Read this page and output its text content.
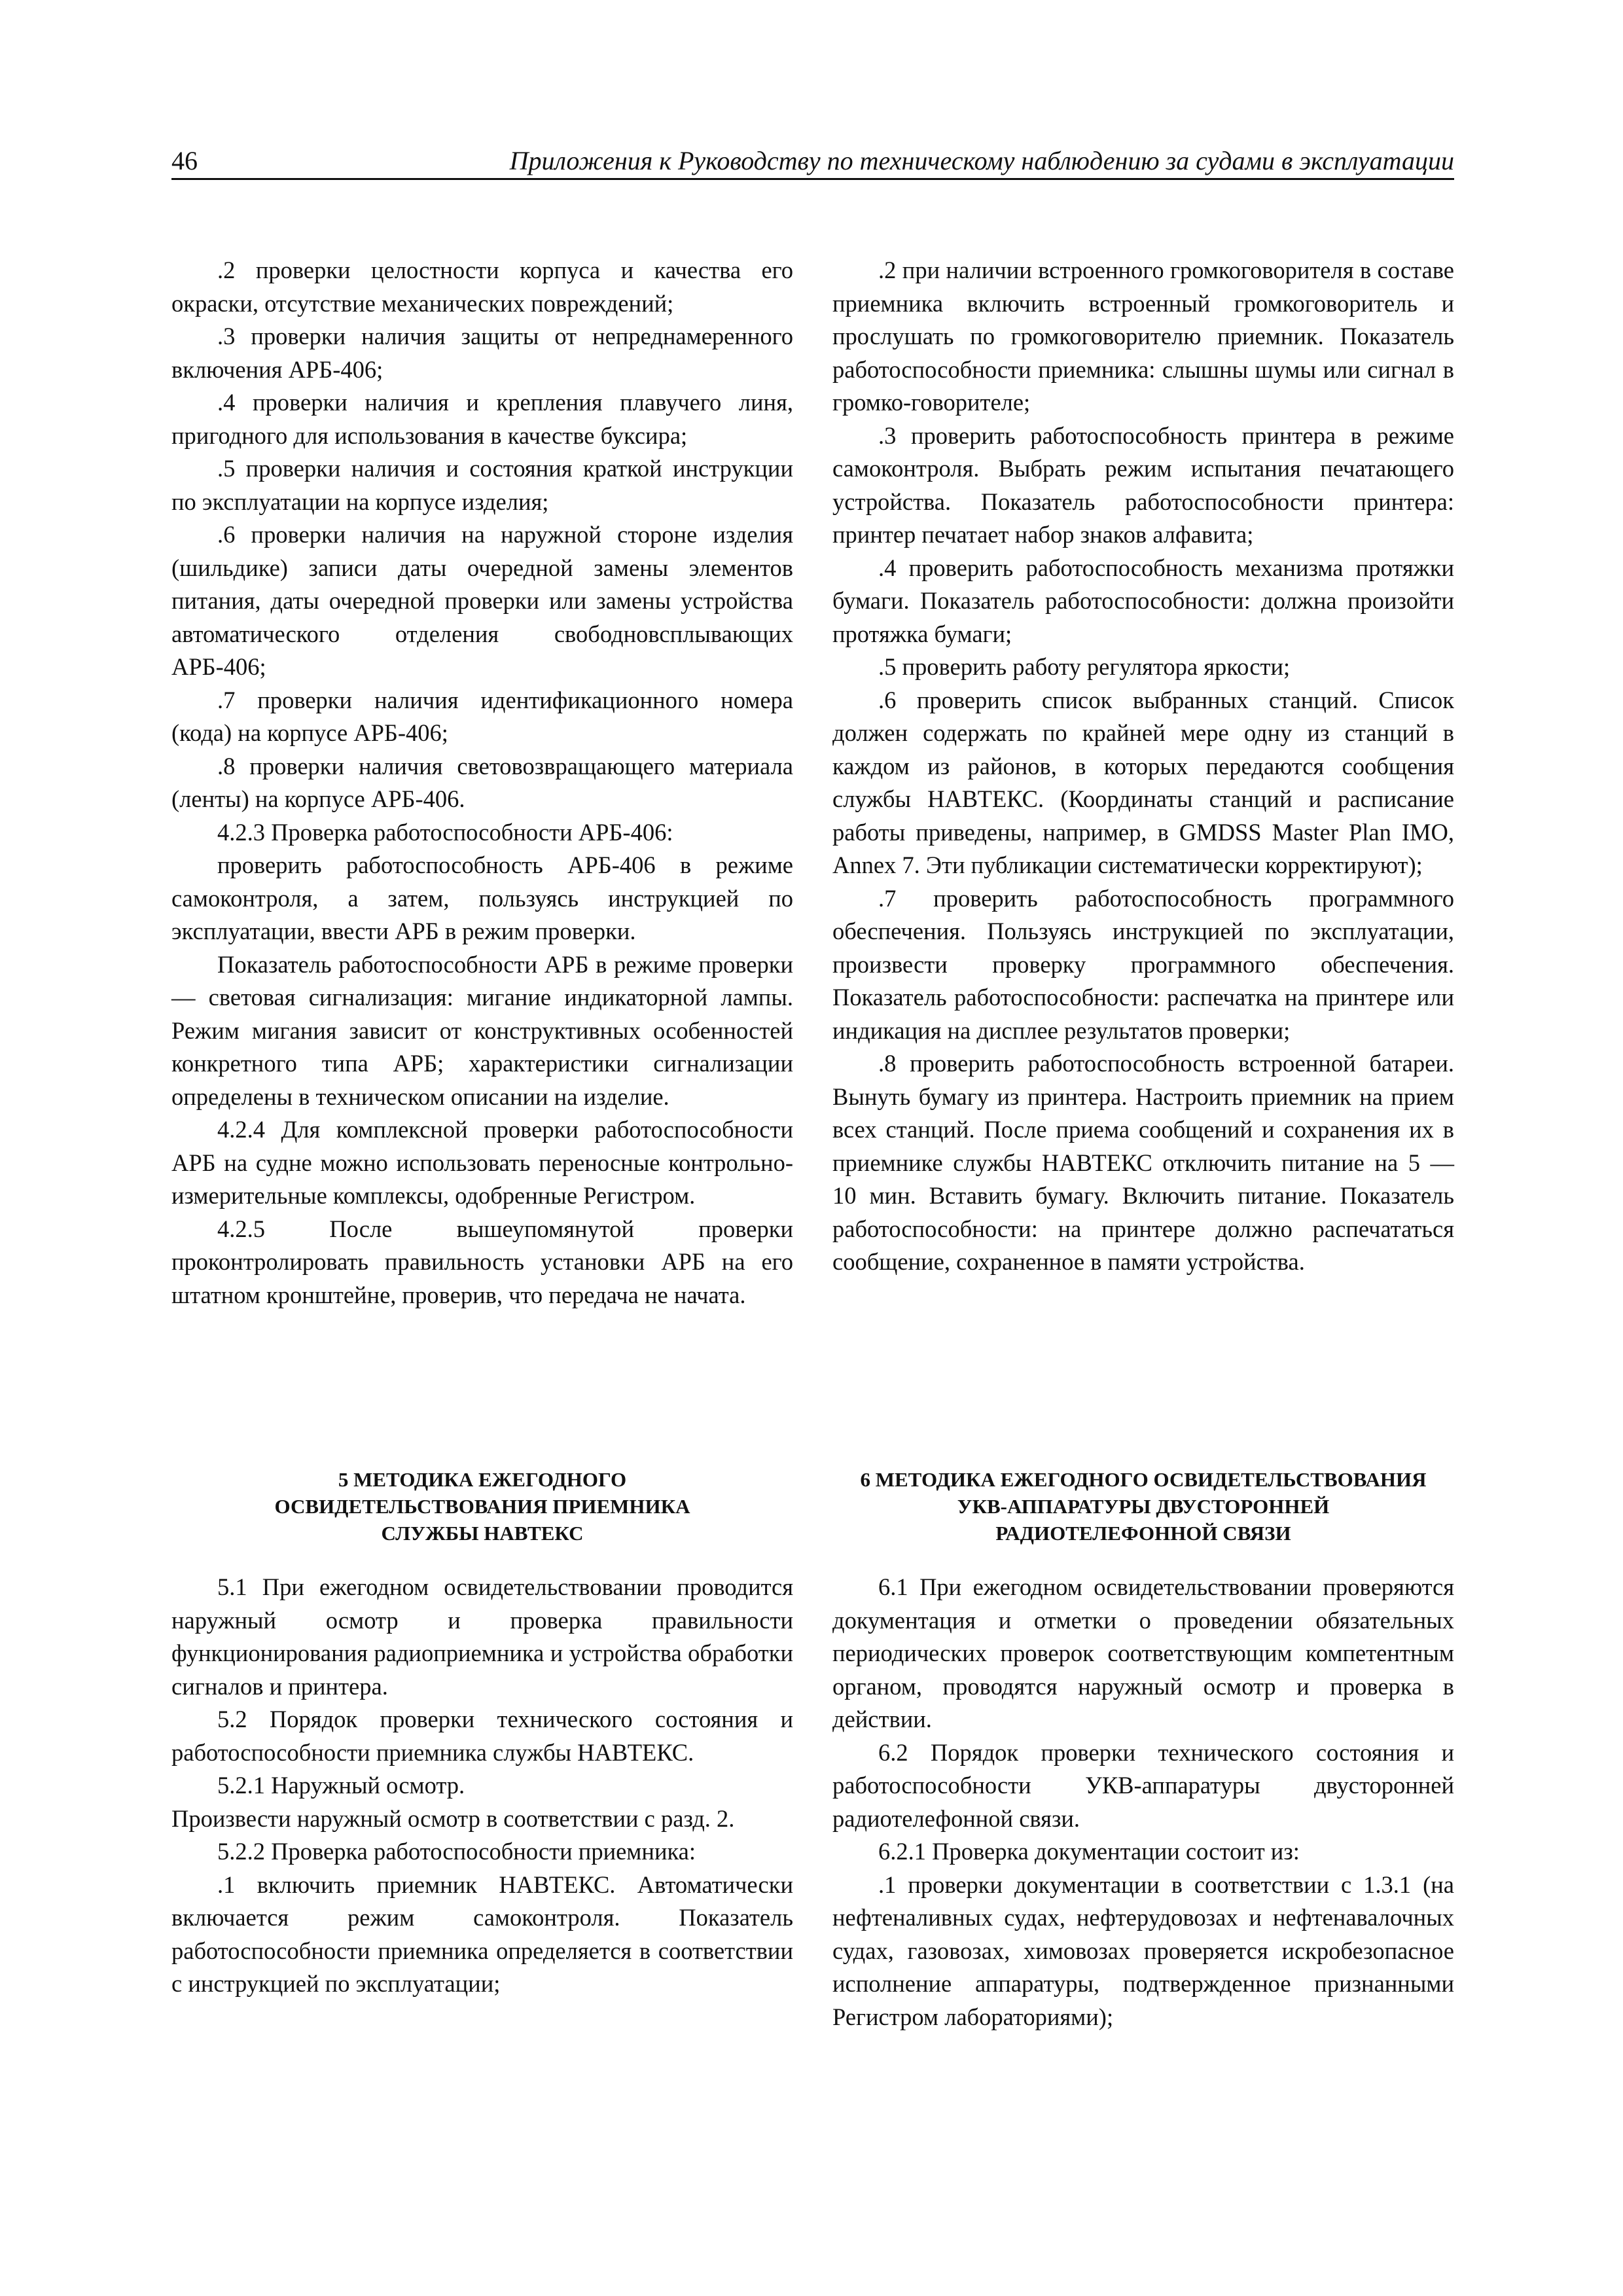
46	Приложения к Руководству по техническому наблюдению за судами в эксплуатации

.2 проверки целостности корпуса и качества его окраски, отсутствие механических повреждений;

.3 проверки наличия защиты от непреднамеренного включения АРБ-406;

.4 проверки наличия и крепления плавучего линя, пригодного для использования в качестве буксира;

.5 проверки наличия и состояния краткой инструкции по эксплуатации на корпусе изделия;

.6 проверки наличия на наружной стороне изделия (шильдике) записи даты очередной замены элементов питания, даты очередной проверки или замены устройства автоматического отделения свободновсплывающих АРБ-406;

.7 проверки наличия идентификационного номера (кода) на корпусе АРБ-406;

.8 проверки наличия световозвращающего материала (ленты) на корпусе АРБ-406.

4.2.3 Проверка работоспособности АРБ-406:

проверить работоспособность АРБ-406 в режиме самоконтроля, а затем, пользуясь инструкцией по эксплуатации, ввести АРБ в режим проверки.

Показатель работоспособности АРБ в режиме проверки — световая сигнализация: мигание индикаторной лампы. Режим мигания зависит от конструктивных особенностей конкретного типа АРБ; характеристики сигнализации определены в техническом описании на изделие.

4.2.4 Для комплексной проверки работоспособности АРБ на судне можно использовать переносные контрольно-измерительные комплексы, одобренные Регистром.

4.2.5 После вышеупомянутой проверки проконтролировать правильность установки АРБ на его штатном кронштейне, проверив, что передача не начата.

.2 при наличии встроенного громкоговорителя в составе приемника включить встроенный громкоговоритель и прослушать по громкоговорителю приемник. Показатель работоспособности приемника: слышны шумы или сигнал в громко-говорителе;

.3 проверить работоспособность принтера в режиме самоконтроля. Выбрать режим испытания печатающего устройства. Показатель работоспособности принтера: принтер печатает набор знаков алфавита;

.4 проверить работоспособность механизма протяжки бумаги. Показатель работоспособности: должна произойти протяжка бумаги;

.5 проверить работу регулятора яркости;

.6 проверить список выбранных станций. Список должен содержать по крайней мере одну из станций в каждом из районов, в которых передаются сообщения службы НАВТЕКС. (Координаты станций и расписание работы приведены, например, в GMDSS Master Plan IMO, Annex 7. Эти публикации систематически корректируют);

.7 проверить работоспособность программного обеспечения. Пользуясь инструкцией по эксплуатации, произвести проверку программного обеспечения. Показатель работоспособности: распечатка на принтере или индикация на дисплее результатов проверки;

.8 проверить работоспособность встроенной батареи. Вынуть бумагу из принтера. Настроить приемник на прием всех станций. После приема сообщений и сохранения их в приемнике службы НАВТЕКС отключить питание на 5 — 10 мин. Вставить бумагу. Включить питание. Показатель работоспособности: на принтере должно распечататься сообщение, сохраненное в памяти устройства.

5 МЕТОДИКА ЕЖЕГОДНОГО
ОСВИДЕТЕЛЬСТВОВАНИЯ ПРИЕМНИКА
СЛУЖБЫ НАВТЕКС
6 МЕТОДИКА ЕЖЕГОДНОГО ОСВИДЕТЕЛЬСТВОВАНИЯ
УКВ-АППАРАТУРЫ ДВУСТОРОННЕЙ
РАДИОТЕЛЕФОННОЙ СВЯЗИ

5.1 При ежегодном освидетельствовании проводится наружный осмотр и проверка правильности функционирования радиоприемника и устройства обработки сигналов и принтера.

5.2 Порядок проверки технического состояния и работоспособности приемника службы НАВТЕКС.

5.2.1 Наружный осмотр.

Произвести наружный осмотр в соответствии с разд. 2.

5.2.2 Проверка работоспособности приемника:

.1 включить приемник НАВТЕКС. Автоматически включается режим самоконтроля. Показатель работоспособности приемника определяется в соответствии с инструкцией по эксплуатации;

6.1 При ежегодном освидетельствовании проверяются документация и отметки о проведении обязательных периодических проверок соответствующим компетентным органом, проводятся наружный осмотр и проверка в действии.

6.2 Порядок проверки технического состояния и работоспособности УКВ-аппаратуры двусторонней радиотелефонной связи.

6.2.1 Проверка документации состоит из:

.1 проверки документации в соответствии с 1.3.1 (на нефтеналивных судах, нефтерудовозах и нефтенавалочных судах, газовозах, химовозах проверяется искробезопасное исполнение аппаратуры, подтвержденное признанными Регистром лабораториями);
